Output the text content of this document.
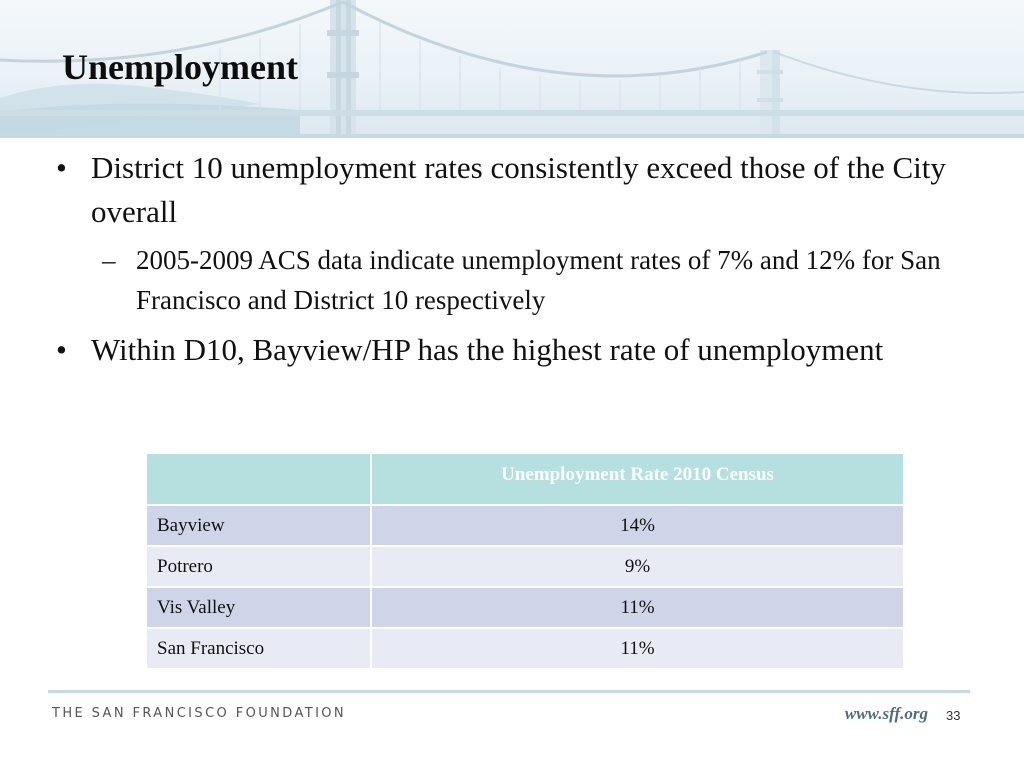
Unemployment
• District 10 unemployment rates consistently exceed those of the City overall
– 2005-2009 ACS data indicate unemployment rates of 7% and 12% for San Francisco and District 10 respectively
• Within D10, Bayview/HP has the highest rate of unemployment
	Unemployment Rate 2010 Census
Bayview	14%
Potrero	9%
Vis Valley	11%
San Francisco	11%
THE SAN FRANCISCO FOUNDATION	www.sff.org 33
